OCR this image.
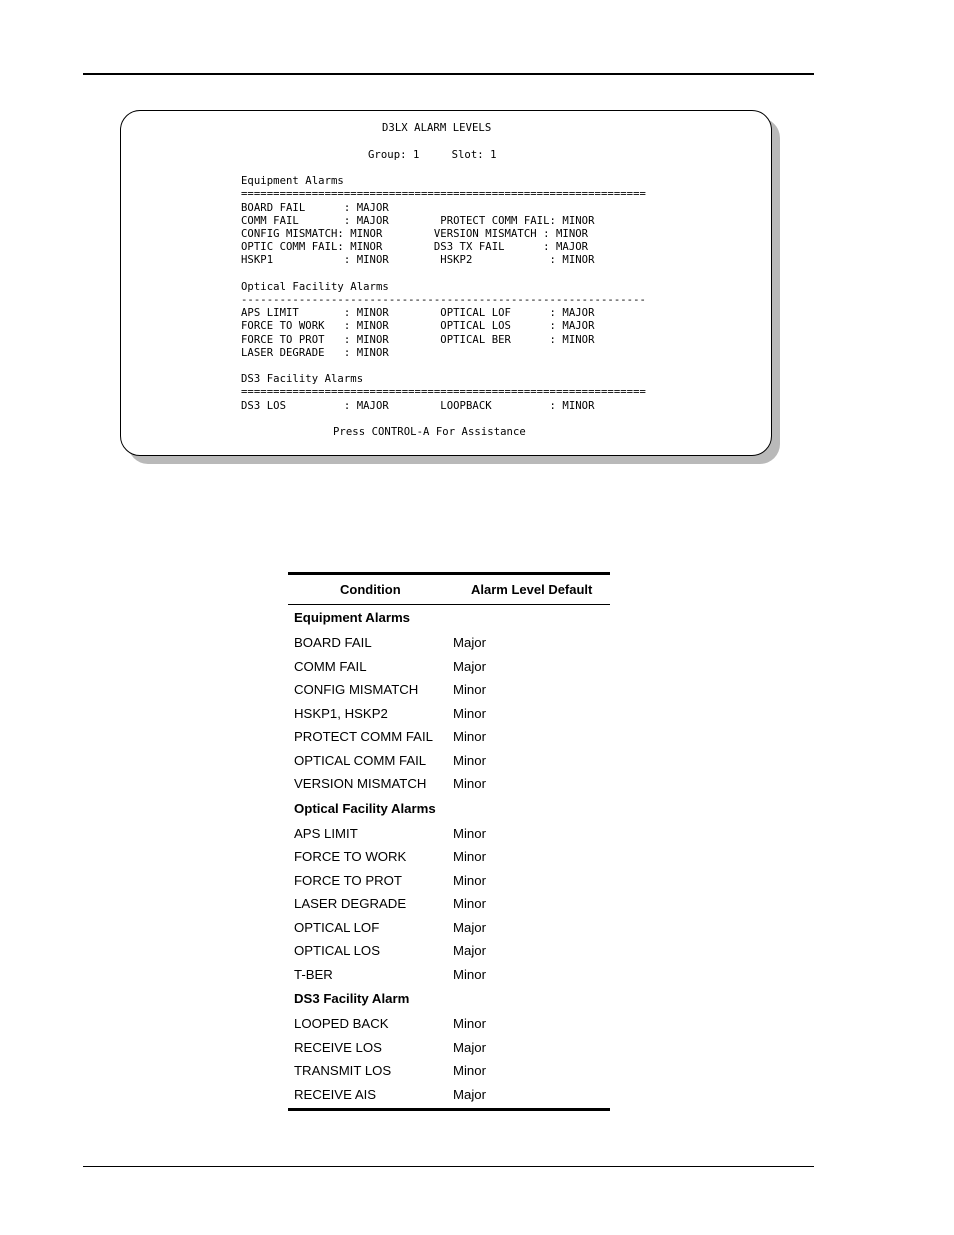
D3LX ALARM LEVELS
Group: 1     Slot: 1
Equipment Alarms
===============================================================
BOARD FAIL      : MAJOR
COMM FAIL       : MAJOR        PROTECT COMM FAIL: MINOR
CONFIG MISMATCH: MINOR        VERSION MISMATCH : MINOR
OPTIC COMM FAIL: MINOR        DS3 TX FAIL      : MAJOR
HSKP1           : MINOR        HSKP2            : MINOR
Optical Facility Alarms
---------------------------------------------------------------
APS LIMIT       : MINOR        OPTICAL LOF      : MAJOR
FORCE TO WORK   : MINOR        OPTICAL LOS      : MAJOR
FORCE TO PROT   : MINOR        OPTICAL BER      : MINOR
LASER DEGRADE   : MINOR
DS3 Facility Alarms
===============================================================
DS3 LOS         : MAJOR        LOOPBACK         : MINOR
Press CONTROL-A For Assistance
Condition	Alarm Level Default
Equipment Alarms
BOARD FAIL	Major
COMM FAIL	Major
CONFIG MISMATCH	Minor
HSKP1, HSKP2	Minor
PROTECT COMM FAIL Minor
OPTICAL COMM FAIL Minor
VERSION MISMATCH Minor
Optical Facility Alarms
APS LIMIT	Minor
FORCE TO WORK	Minor
FORCE TO PROT	Minor
LASER DEGRADE	Minor
OPTICAL LOF	Major
OPTICAL LOS	Major
T-BER	Minor
DS3 Facility Alarm
LOOPED BACK	Minor
RECEIVE LOS	Major
TRANSMIT LOS	Minor
RECEIVE AIS	Major
